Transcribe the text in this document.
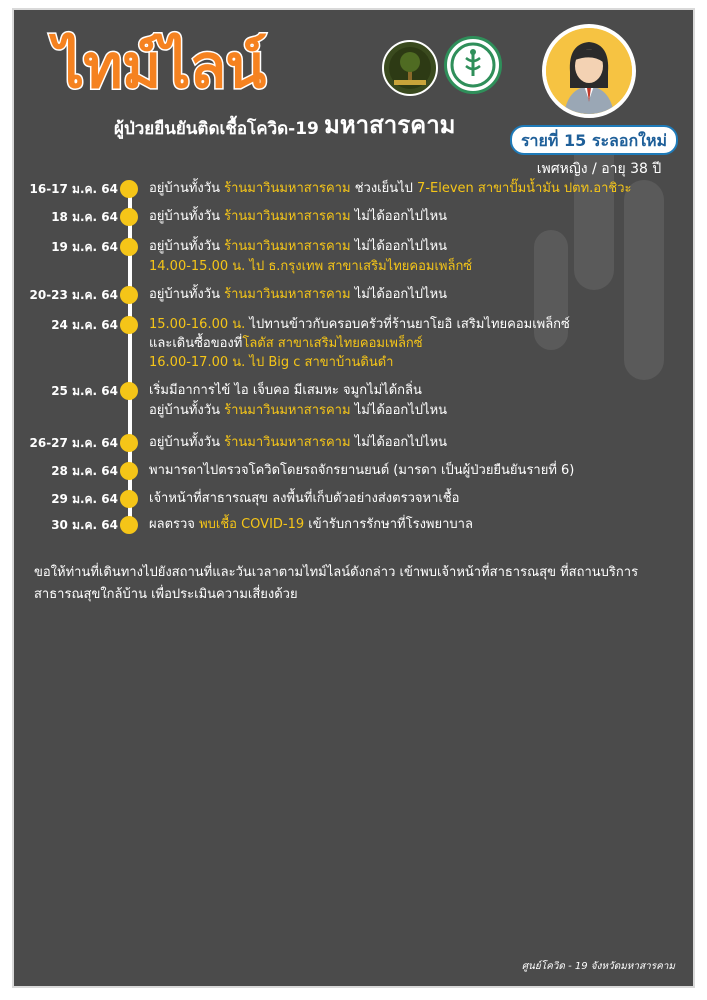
ไทม์ไลน์
ผู้ป่วยยืนยันติดเชื้อโควิด-19 มหาสารคาม
รายที่ 15 ระลอกใหม่
เพศหญิง / อายุ 38 ปี
16-17 ม.ค. 64 อยู่บ้านทั้งวัน ร้านมาวินมหาสารคาม ช่วงเย็นไป 7-Eleven สาขาปั๊มน้ำมัน ปตท.อาชิวะ
18 ม.ค. 64 อยู่บ้านทั้งวัน ร้านมาวินมหาสารคาม ไม่ได้ออกไปไหน
19 ม.ค. 64 อยู่บ้านทั้งวัน ร้านมาวินมหาสารคาม ไม่ได้ออกไปไหน
14.00-15.00 น. ไป ธ.กรุงเทพ สาขาเสริมไทยคอมเพล็กซ์
20-23 ม.ค. 64 อยู่บ้านทั้งวัน ร้านมาวินมหาสารคาม ไม่ได้ออกไปไหน
24 ม.ค. 64 15.00-16.00 น. ไปทานข้าวกับครอบครัวที่ร้านยาโยอิ เสริมไทยคอมเพล็กซ์
และเดินซื้อของที่โลตัส สาขาเสริมไทยคอมเพล็กซ์
16.00-17.00 น. ไป Big c สาขาบ้านดินดำ
25 ม.ค. 64 เริ่มมีอาการไข้ ไอ เจ็บคอ มีเสมหะ จมูกไม่ได้กลิ่น
อยู่บ้านทั้งวัน ร้านมาวินมหาสารคาม ไม่ได้ออกไปไหน
26-27 ม.ค. 64 อยู่บ้านทั้งวัน ร้านมาวินมหาสารคาม ไม่ได้ออกไปไหน
28 ม.ค. 64 พามารดาไปตรวจโควิดโดยรถจักรยานยนต์ (มารดา เป็นผู้ป่วยยืนยันรายที่ 6)
29 ม.ค. 64 เจ้าหน้าที่สาธารณสุข ลงพื้นที่เก็บตัวอย่างส่งตรวจหาเชื้อ
30 ม.ค. 64 ผลตรวจ พบเชื้อ COVID-19 เข้ารับการรักษาที่โรงพยาบาล
ขอให้ท่านที่เดินทางไปยังสถานที่และวันเวลาตามไทม์ไลน์ดังกล่าว เข้าพบเจ้าหน้าที่สาธารณสุข ที่สถานบริการสาธารณสุขใกล้บ้าน เพื่อประเมินความเสี่ยงด้วย
ศูนย์โควิด - 19 จังหวัดมหาสารคาม
